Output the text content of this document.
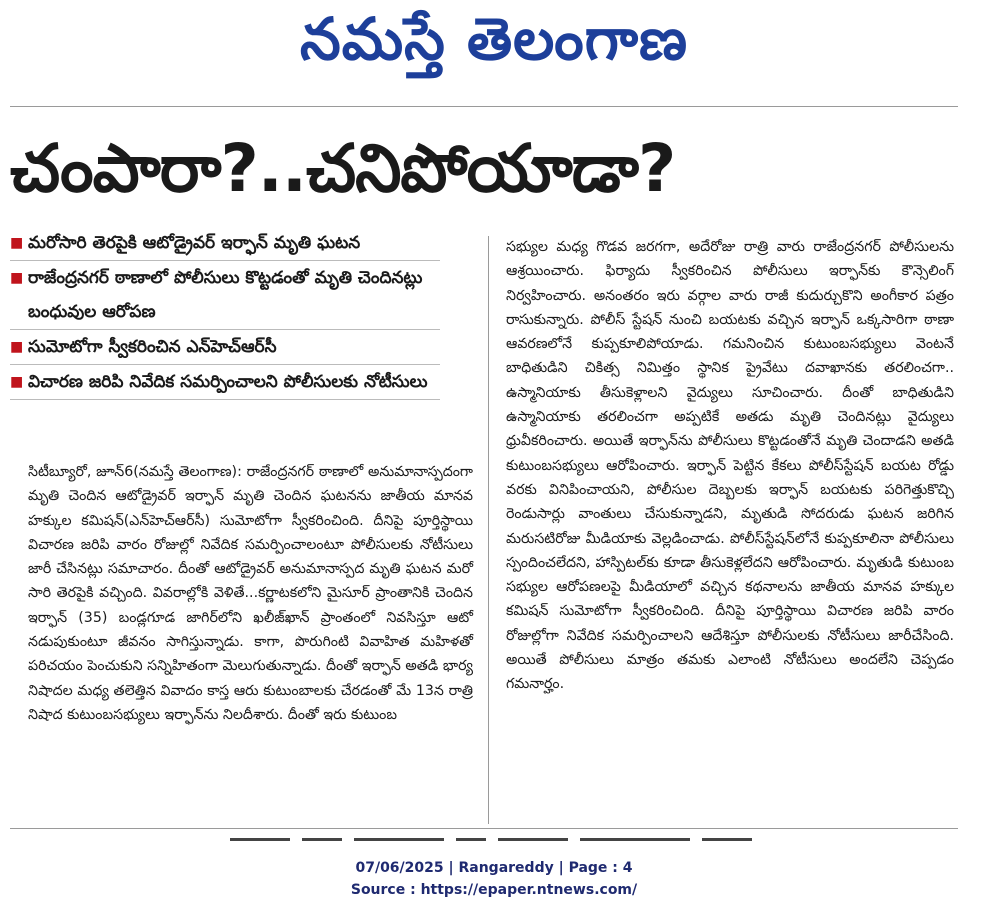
నమస్తే తెలంగాణ
చంపారా?..చనిపోయాడా?
■ మరోసారి తెరపైకి ఆటోడ్రైవర్ ఇర్ఫాన్ మృతి ఘటన
■ రాజేంద్రనగర్ ఠాణాలో పోలీసులు కొట్టడంతో మృతి చెందినట్లు బంధువుల ఆరోపణ
■ సుమోటోగా స్వీకరించిన ఎన్‌హెచ్‌ఆర్‌సీ
■ విచారణ జరిపి నివేదిక సమర్పించాలని పోలీసులకు నోటీసులు
సిటీబ్యూరో, జూన్6(నమస్తే తెలంగాణ): రాజేంద్రనగర్ ఠాణాలో అనుమానాస్పదంగా మృతి చెందిన ఆటోడ్రైవర్ ఇర్ఫాన్ మృతి చెందిన ఘటనను జాతీయ మానవ హక్కుల కమిషన్(ఎన్‌హెచ్‌ఆర్‌సీ) సుమోటోగా స్వీకరించింది. దీనిపై పూర్తిస్థాయి విచారణ జరిపి వారం రోజుల్లో నివేదిక సమర్పించాలంటూ పోలీసులకు నోటీసులు జారీ చేసినట్లు సమాచారం. దీంతో ఆటోడ్రైవర్ అనుమానాస్పద మృతి ఘటన మరో సారి తెరపైకి వచ్చింది. వివరాల్లోకి వెళితే...కర్ణాటకలోని మైసూర్ ప్రాంతానికి చెందిన ఇర్ఫాన్ (35) బండ్లగూడ జాగిర్‌లోని ఖలీజ్‌ఖాన్ ప్రాంతంలో నివసిస్తూ ఆటో నడుపుకుంటూ జీవనం సాగిస్తున్నాడు. కాగా, పొరుగింటి వివాహిత మహిళతో పరిచయం పెంచుకుని సన్నిహితంగా మెలుగుతున్నాడు. దీంతో ఇర్ఫాన్ అతడి భార్య నిషాదల మధ్య తలెత్తిన వివాదం కాస్త ఆరు కుటుంబాలకు చేరడంతో మే 13న రాత్రి నిషాద కుటుంబసభ్యులు ఇర్ఫాన్‌ను నిలదీశారు. దీంతో ఇరు కుటుంబ
సభ్యుల మధ్య గొడవ జరగగా, అదేరోజు రాత్రి వారు రాజేంద్రనగర్ పోలీసులను ఆశ్రయించారు. ఫిర్యాదు స్వీకరించిన పోలీసులు ఇర్ఫాన్‌కు కౌన్సెలింగ్ నిర్వహించారు. అనంతరం ఇరు వర్గాల వారు రాజీ కుదుర్చుకొని అంగీకార పత్రం రాసుకున్నారు. పోలీస్ స్టేషన్ నుంచి బయటకు వచ్చిన ఇర్ఫాన్ ఒక్కసారిగా ఠాణా ఆవరణలోనే కుప్పకూలిపోయాడు. గమనించిన కుటుంబసభ్యులు వెంటనే బాధితుడిని చికిత్స నిమిత్తం స్థానిక ప్రైవేటు దవాఖానకు తరలించగా.. ఉస్మానియాకు తీసుకెళ్లాలని వైద్యులు సూచించారు. దీంతో బాధితుడిని ఉస్మానియాకు తరలించగా అప్పటికే అతడు మృతి చెందినట్లు వైద్యులు ధ్రువీకరించారు. అయితే ఇర్ఫాన్‌ను పోలీసులు కొట్టడంతోనే మృతి చెందాడని అతడి కుటుంబసభ్యులు ఆరోపించారు. ఇర్ఫాన్ పెట్టిన కేకలు పోలీస్‌స్టేషన్ బయట రోడ్డు వరకు వినిపించాయని, పోలీసుల దెబ్బలకు ఇర్ఫాన్ బయటకు పరిగెత్తుకొచ్చి రెండుసార్లు వాంతులు చేసుకున్నాడని, మృతుడి సోదరుడు ఘటన జరిగిన మరుసటిరోజు మీడియాకు వెల్లడించాడు. పోలీస్‌స్టేషన్‌లోనే కుప్పకూలినా పోలీసులు స్పందించలేదని, హాస్పిటల్‌కు కూడా తీసుకెళ్లలేదని ఆరోపించారు. మృతుడి కుటుంబ సభ్యుల ఆరోపణలపై మీడియాలో వచ్చిన కథనాలను జాతీయ మానవ హక్కుల కమిషన్ సుమోటోగా స్వీకరించింది. దీనిపై పూర్తిస్థాయి విచారణ జరిపి వారం రోజుల్లోగా నివేదిక సమర్పించాలని ఆదేశిస్తూ పోలీసులకు నోటీసులు జారీచేసింది. అయితే పోలీసులు మాత్రం తమకు ఎలాంటి నోటీసులు అందలేని చెప్పడం గమనార్హం.
07/06/2025 | Rangareddy | Page : 4
Source : https://epaper.ntnews.com/
